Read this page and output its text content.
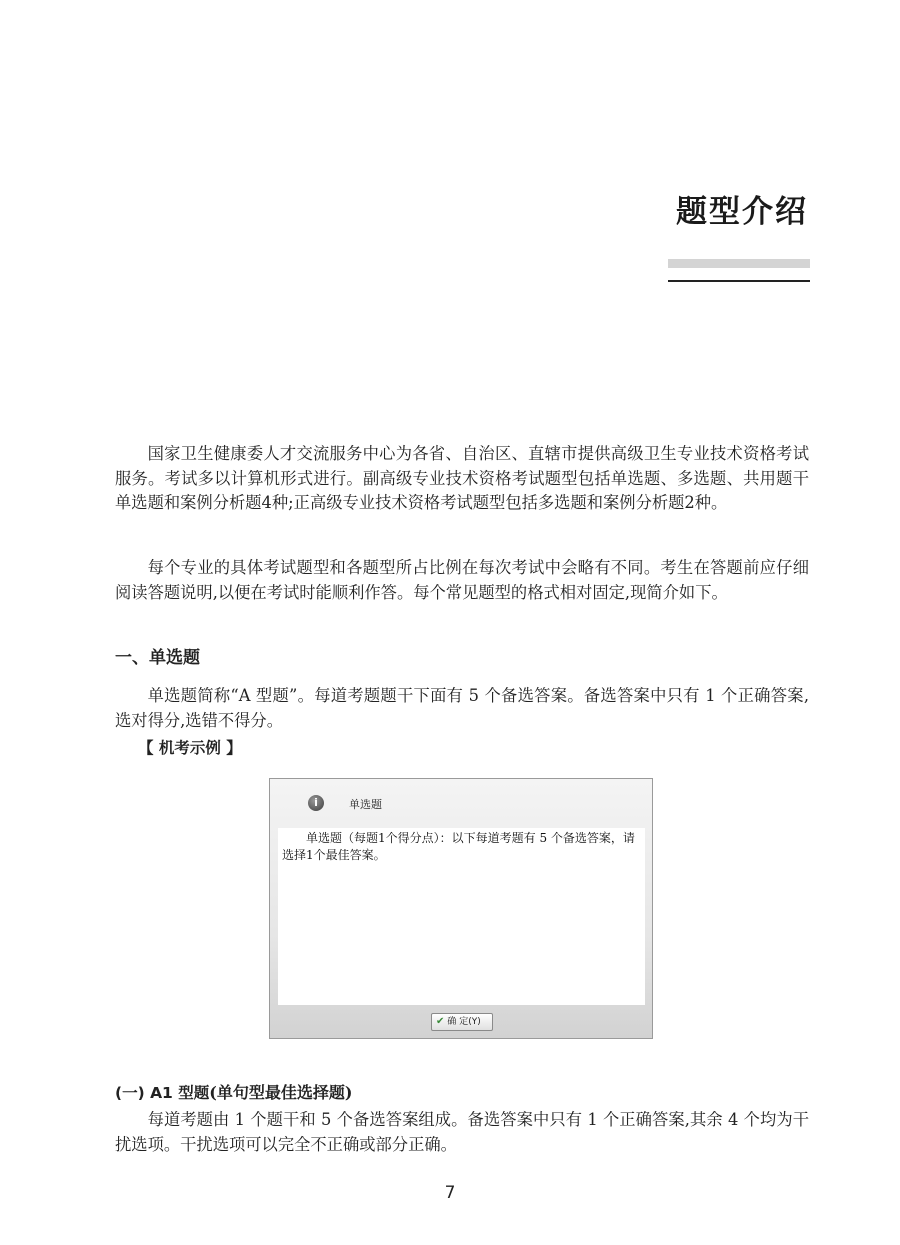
题型介绍

国家卫生健康委人才交流服务中心为各省、自治区、直辖市提供高级卫生专业技术资格考试服务。考试多以计算机形式进行。副高级专业技术资格考试题型包括单选题、多选题、共用题干单选题和案例分析题4种;正高级专业技术资格考试题型包括多选题和案例分析题2种。

每个专业的具体考试题型和各题型所占比例在每次考试中会略有不同。考生在答题前应仔细阅读答题说明,以便在考试时能顺利作答。每个常见题型的格式相对固定,现简介如下。

一、单选题

单选题简称“A 型题”。每道考题题干下面有 5 个备选答案。备选答案中只有 1 个正确答案,选对得分,选错不得分。

【 机考示例 】
i	单选题

单选题（每题1个得分点）：以下每道考题有 5 个备选答案，请选择1个最佳答案。

✔ 确 定(Y)
(一) A1 型题(单句型最佳选择题)

每道考题由 1 个题干和 5 个备选答案组成。备选答案中只有 1 个正确答案,其余 4 个均为干扰选项。干扰选项可以完全不正确或部分正确。

7
